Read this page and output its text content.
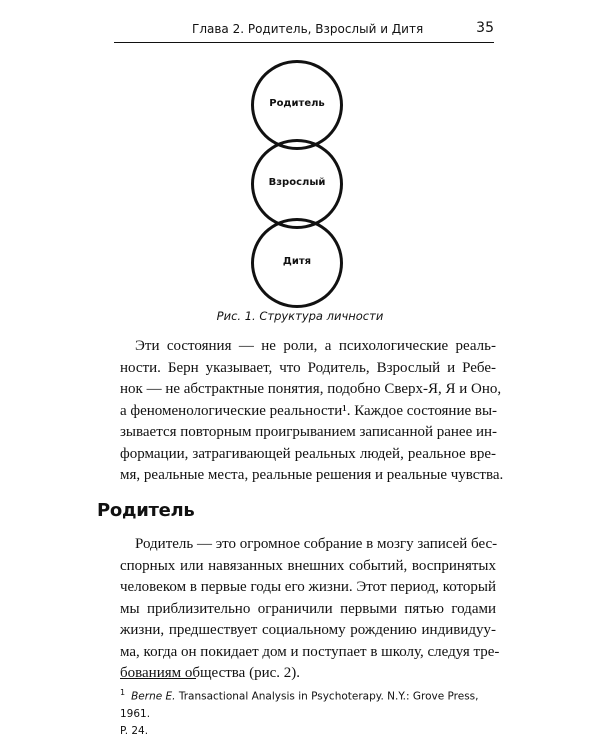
Глава 2. Родитель, Взрослый и Дитя	35
Родитель
Взрослый
Дитя
Рис. 1. Структура личности
Эти состояния — не роли, а психологические реаль-
ности. Берн указывает, что Родитель, Взрослый и Ребе-
нок — не абстрактные понятия, подобно Сверх-Я, Я и Оно,
а феноменологические реальности¹. Каждое состояние вы-
зывается повторным проигрыванием записанной ранее ин-
формации, затрагивающей реальных людей, реальное вре-
мя, реальные места, реальные решения и реальные чувства.
Родитель
Родитель — это огромное собрание в мозгу записей бес-
спорных или навязанных внешних событий, воспринятых
человеком в первые годы его жизни. Этот период, который
мы приблизительно ограничили первыми пятью годами
жизни, предшествует социальному рождению индивидуу-
ма, когда он покидает дом и поступает в школу, следуя тре-
бованиям общества (рис. 2).
$^1$ Berne E. Transactional Analysis in Psychoterapy. N.Y.: Grove Press, 1961.
P. 24.
